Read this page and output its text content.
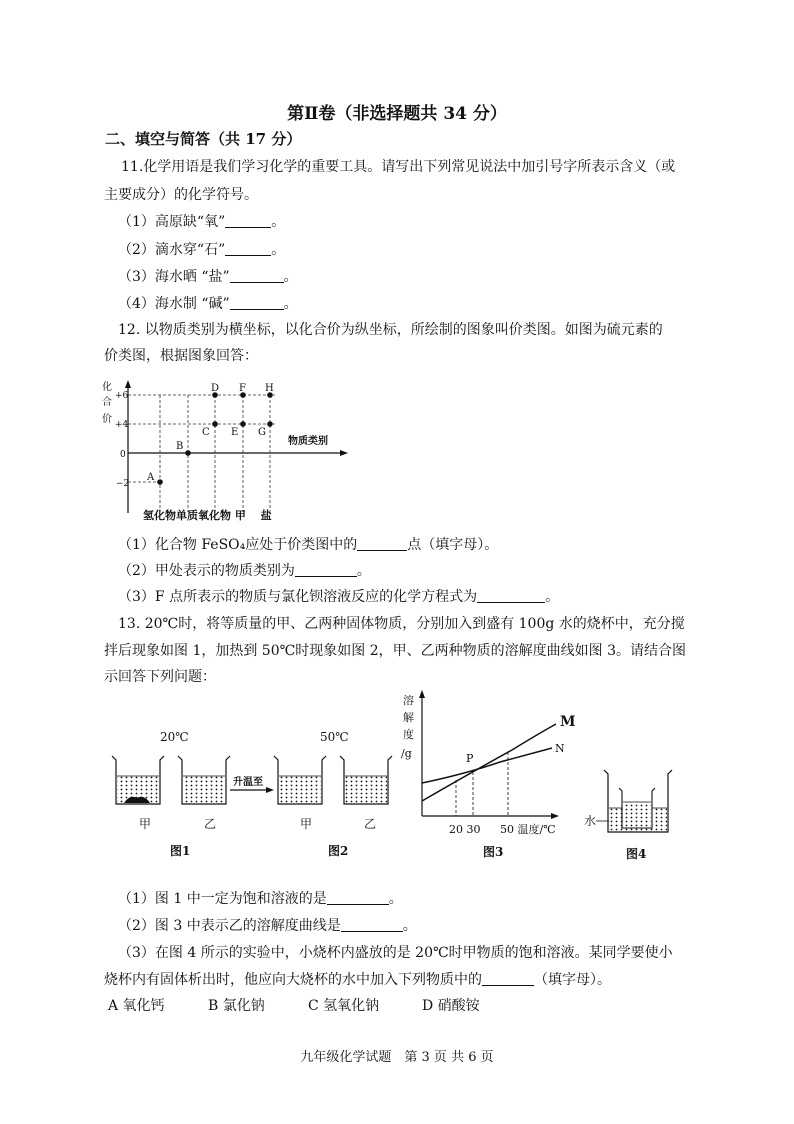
第Ⅱ卷（非选择题共 34 分）
二、填空与简答（共 17 分）
11.化学用语是我们学习化学的重要工具。请写出下列常见说法中加引号字所表示含义（或
主要成分）的化学符号。
（1）高原缺“氧”	。
（2）滴水穿“石”	。
（3）海水晒 “盐”	。
（4）海水制 “碱”	。
12. 以物质类别为横坐标，以化合价为纵坐标，所绘制的图象叫价类图。如图为硫元素的
价类图，根据图象回答：
化
合
价
+6
+4
0
−2
A
B
C
D
E
F
G
H
物质类别
氢化物单质氧化物 甲　 盐
（1）化合物 FeSO₄应处于价类图中的	点（填字母）。
（2）甲处表示的物质类别为	。
（3）F 点所表示的物质与氯化钡溶液反应的化学方程式为	。
13. 20℃时，将等质量的甲、乙两种固体物质，分别加入到盛有 100g 水的烧杯中，充分搅
拌后现象如图 1，加热到 50℃时现象如图 2，甲、乙两种物质的溶解度曲线如图 3。请结合图
示回答下列问题：
20℃
甲	乙
图1
升温至
50℃
甲	乙
图2
溶
解
度
/g
M
N
P
20 30 50 温度/℃
图3
水
图4
（1）图 1 中一定为饱和溶液的是	。
（2）图 3 中表示乙的溶解度曲线是	。
（3）在图 4 所示的实验中，小烧杯内盛放的是 20℃时甲物质的饱和溶液。某同学要使小
烧杯内有固体析出时，他应向大烧杯的水中加入下列物质中的	（填字母）。
A 氧化钙	B 氯化钠	C 氢氧化钠	D 硝酸铵
九年级化学试题　第 3 页 共 6 页
